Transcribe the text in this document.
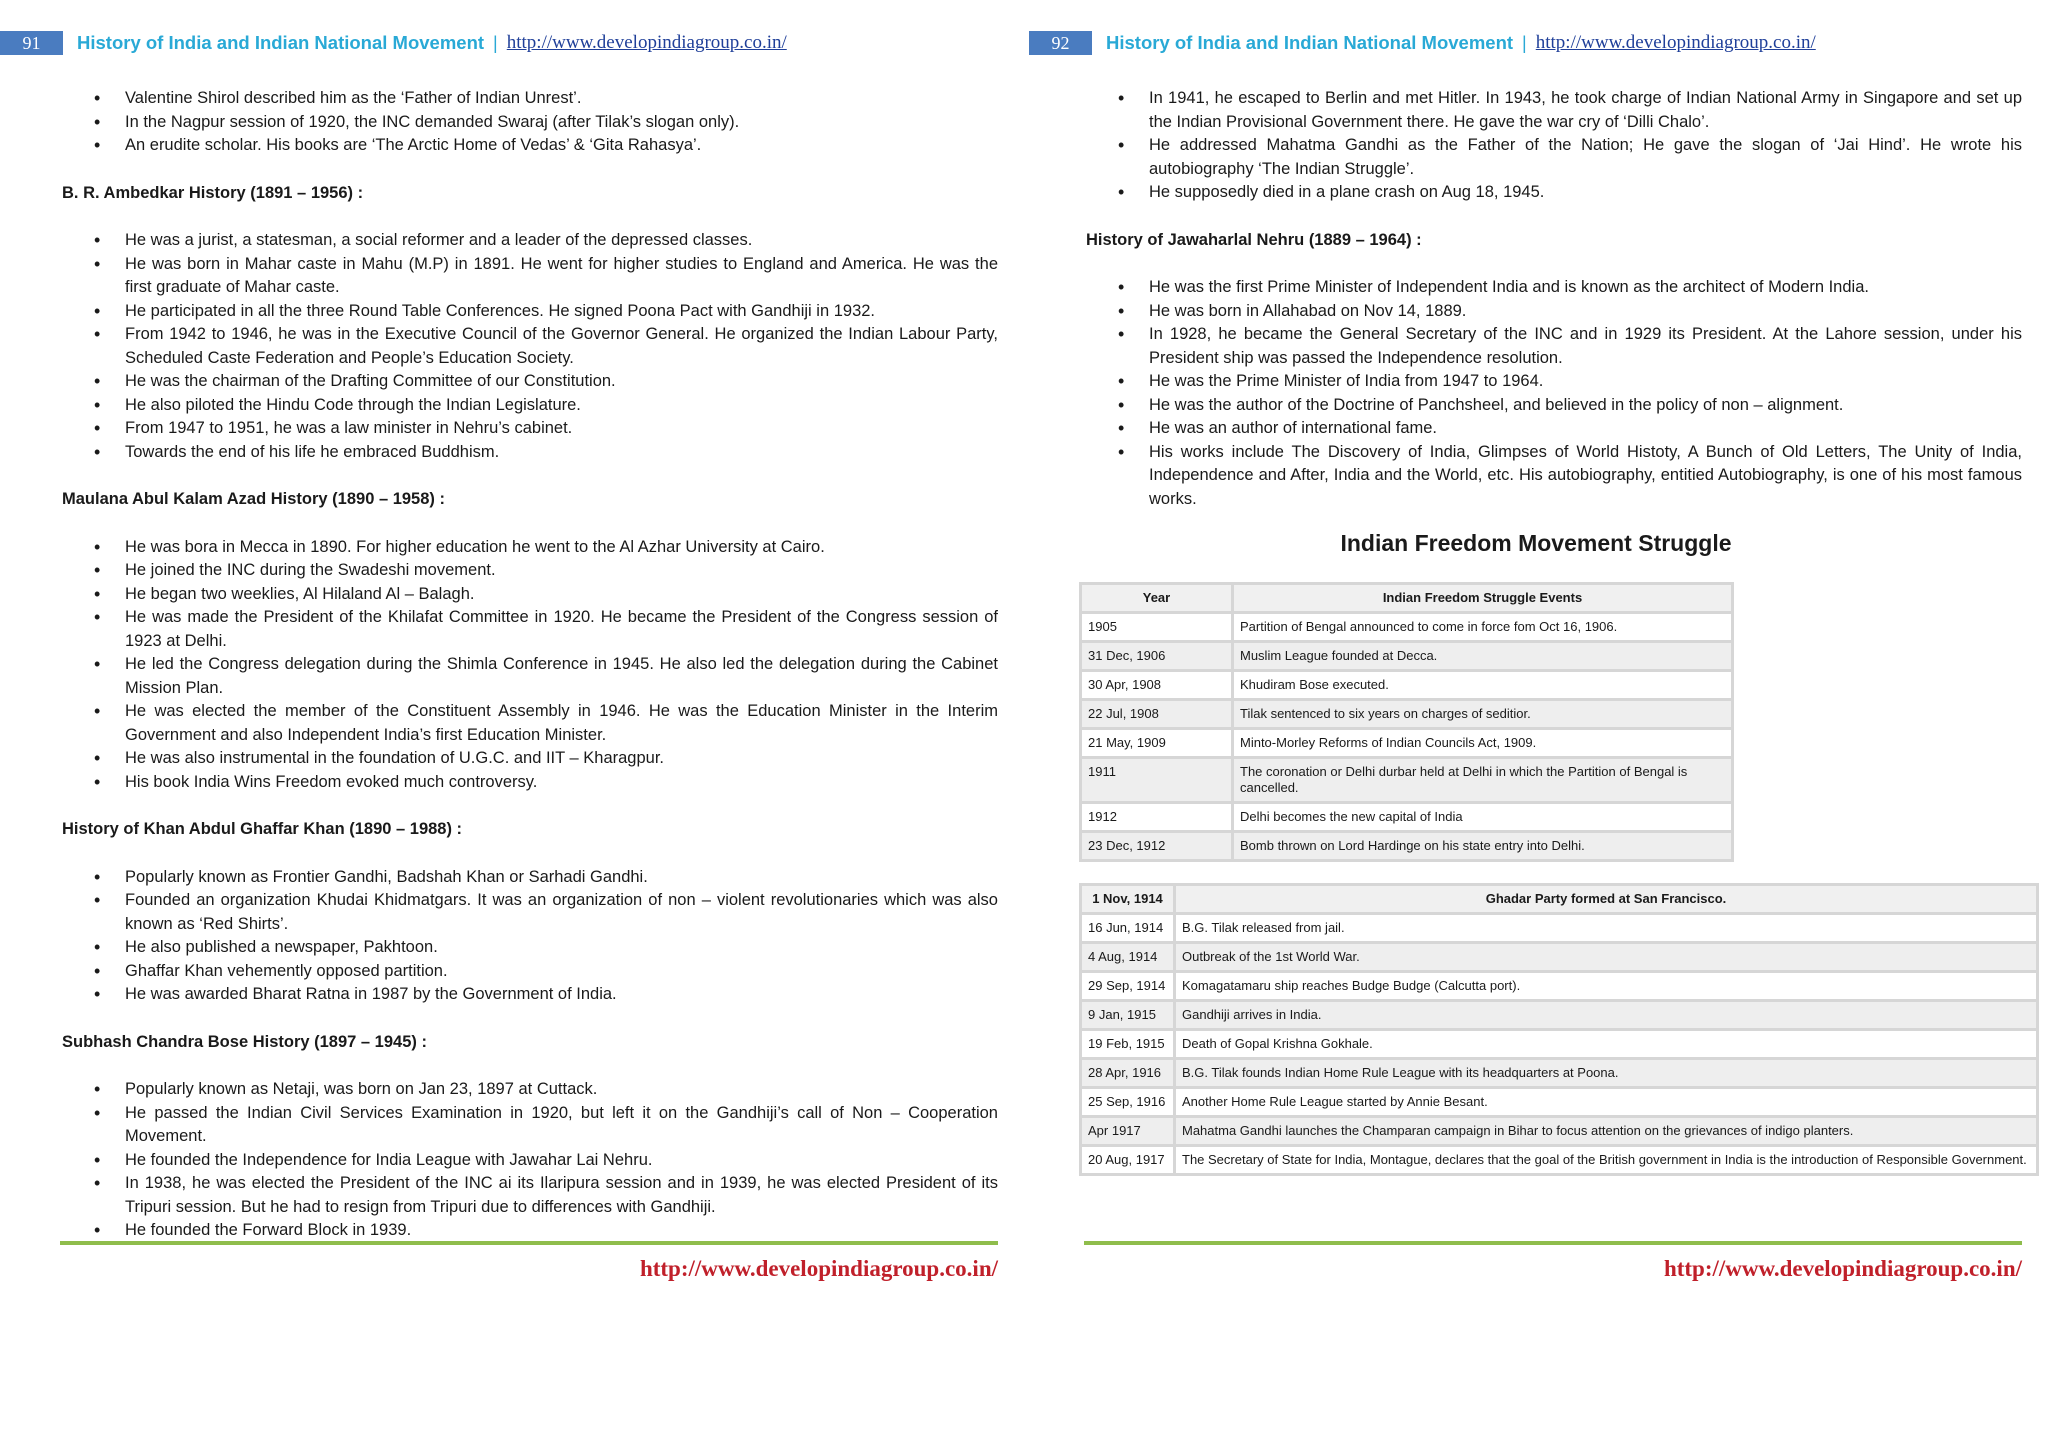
91	History of India and Indian National Movement | http://www.developindiagroup.co.in/
• Valentine Shirol described him as the ‘Father of Indian Unrest’.
• In the Nagpur session of 1920, the INC demanded Swaraj (after Tilak’s slogan only).
• An erudite scholar. His books are ‘The Arctic Home of Vedas’ & ‘Gita Rahasya’.
B. R. Ambedkar History (1891 – 1956) :
• He was a jurist, a statesman, a social reformer and a leader of the depressed classes.
• He was born in Mahar caste in Mahu (M.P) in 1891. He went for higher studies to England and America. He was the first graduate of Mahar caste.
• He participated in all the three Round Table Conferences. He signed Poona Pact with Gandhiji in 1932.
• From 1942 to 1946, he was in the Executive Council of the Governor General. He organized the Indian Labour Party, Scheduled Caste Federation and People’s Education Society.
• He was the chairman of the Drafting Committee of our Constitution.
• He also piloted the Hindu Code through the Indian Legislature.
• From 1947 to 1951, he was a law minister in Nehru’s cabinet.
• Towards the end of his life he embraced Buddhism.
Maulana Abul Kalam Azad History (1890 – 1958) :
• He was bora in Mecca in 1890. For higher education he went to the Al Azhar University at Cairo.
• He joined the INC during the Swadeshi movement.
• He began two weeklies, Al Hilaland Al – Balagh.
• He was made the President of the Khilafat Committee in 1920. He became the President of the Congress session of 1923 at Delhi.
• He led the Congress delegation during the Shimla Conference in 1945. He also led the delegation during the Cabinet Mission Plan.
• He was elected the member of the Constituent Assembly in 1946. He was the Education Minister in the Interim Government and also Independent India’s first Education Minister.
• He was also instrumental in the foundation of U.G.C. and IIT – Kharagpur.
• His book India Wins Freedom evoked much controversy.
History of Khan Abdul Ghaffar Khan (1890 – 1988) :
• Popularly known as Frontier Gandhi, Badshah Khan or Sarhadi Gandhi.
• Founded an organization Khudai Khidmatgars. It was an organization of non – violent revolutionaries which was also known as ‘Red Shirts’.
• He also published a newspaper, Pakhtoon.
• Ghaffar Khan vehemently opposed partition.
• He was awarded Bharat Ratna in 1987 by the Government of India.
Subhash Chandra Bose History (1897 – 1945) :
• Popularly known as Netaji, was born on Jan 23, 1897 at Cuttack.
• He passed the Indian Civil Services Examination in 1920, but left it on the Gandhiji’s call of Non – Cooperation Movement.
• He founded the Independence for India League with Jawahar Lai Nehru.
• In 1938, he was elected the President of the INC ai its Ilaripura session and in 1939, he was elected President of its Tripuri session. But he had to resign from Tripuri due to differences with Gandhiji.
• He founded the Forward Block in 1939.
http://www.developindiagroup.co.in/
92	History of India and Indian National Movement | http://www.developindiagroup.co.in/
• In 1941, he escaped to Berlin and met Hitler. In 1943, he took charge of Indian National Army in Singapore and set up the Indian Provisional Government there. He gave the war cry of ‘Dilli Chalo’.
• He addressed Mahatma Gandhi as the Father of the Nation; He gave the slogan of ‘Jai Hind’. He wrote his autobiography ‘The Indian Struggle’.
• He supposedly died in a plane crash on Aug 18, 1945.
History of Jawaharlal Nehru (1889 – 1964) :
• He was the first Prime Minister of Independent India and is known as the architect of Modern India.
• He was born in Allahabad on Nov 14, 1889.
• In 1928, he became the General Secretary of the INC and in 1929 its President. At the Lahore session, under his President ship was passed the Independence resolution.
• He was the Prime Minister of India from 1947 to 1964.
• He was the author of the Doctrine of Panchsheel, and believed in the policy of non – alignment.
• He was an author of international fame.
• His works include The Discovery of India, Glimpses of World Histoty, A Bunch of Old Letters, The Unity of India, Independence and After, India and the World, etc. His autobiography, entitied Autobiography, is one of his most famous works.
Indian Freedom Movement Struggle
Year	Indian Freedom Struggle Events
1905	Partition of Bengal announced to come in force fom Oct 16, 1906.
31 Dec, 1906	Muslim League founded at Decca.
30 Apr, 1908	Khudiram Bose executed.
22 Jul, 1908	Tilak sentenced to six years on charges of seditior.
21 May, 1909	Minto-Morley Reforms of Indian Councils Act, 1909.
1911	The coronation or Delhi durbar held at Delhi in which the Partition of Bengal is cancelled.
1912	Delhi becomes the new capital of India
23 Dec, 1912	Bomb thrown on Lord Hardinge on his state entry into Delhi.
1 Nov, 1914	Ghadar Party formed at San Francisco.
16 Jun, 1914	B.G. Tilak released from jail.
4 Aug, 1914	Outbreak of the 1st World War.
29 Sep, 1914	Komagatamaru ship reaches Budge Budge (Calcutta port).
9 Jan, 1915	Gandhiji arrives in India.
19 Feb, 1915	Death of Gopal Krishna Gokhale.
28 Apr, 1916	B.G. Tilak founds Indian Home Rule League with its headquarters at Poona.
25 Sep, 1916	Another Home Rule League started by Annie Besant.
Apr 1917	Mahatma Gandhi launches the Champaran campaign in Bihar to focus attention on the grievances of indigo planters.
20 Aug, 1917	The Secretary of State for India, Montague, declares that the goal of the British government in India is the introduction of Responsible Government.
http://www.developindiagroup.co.in/
